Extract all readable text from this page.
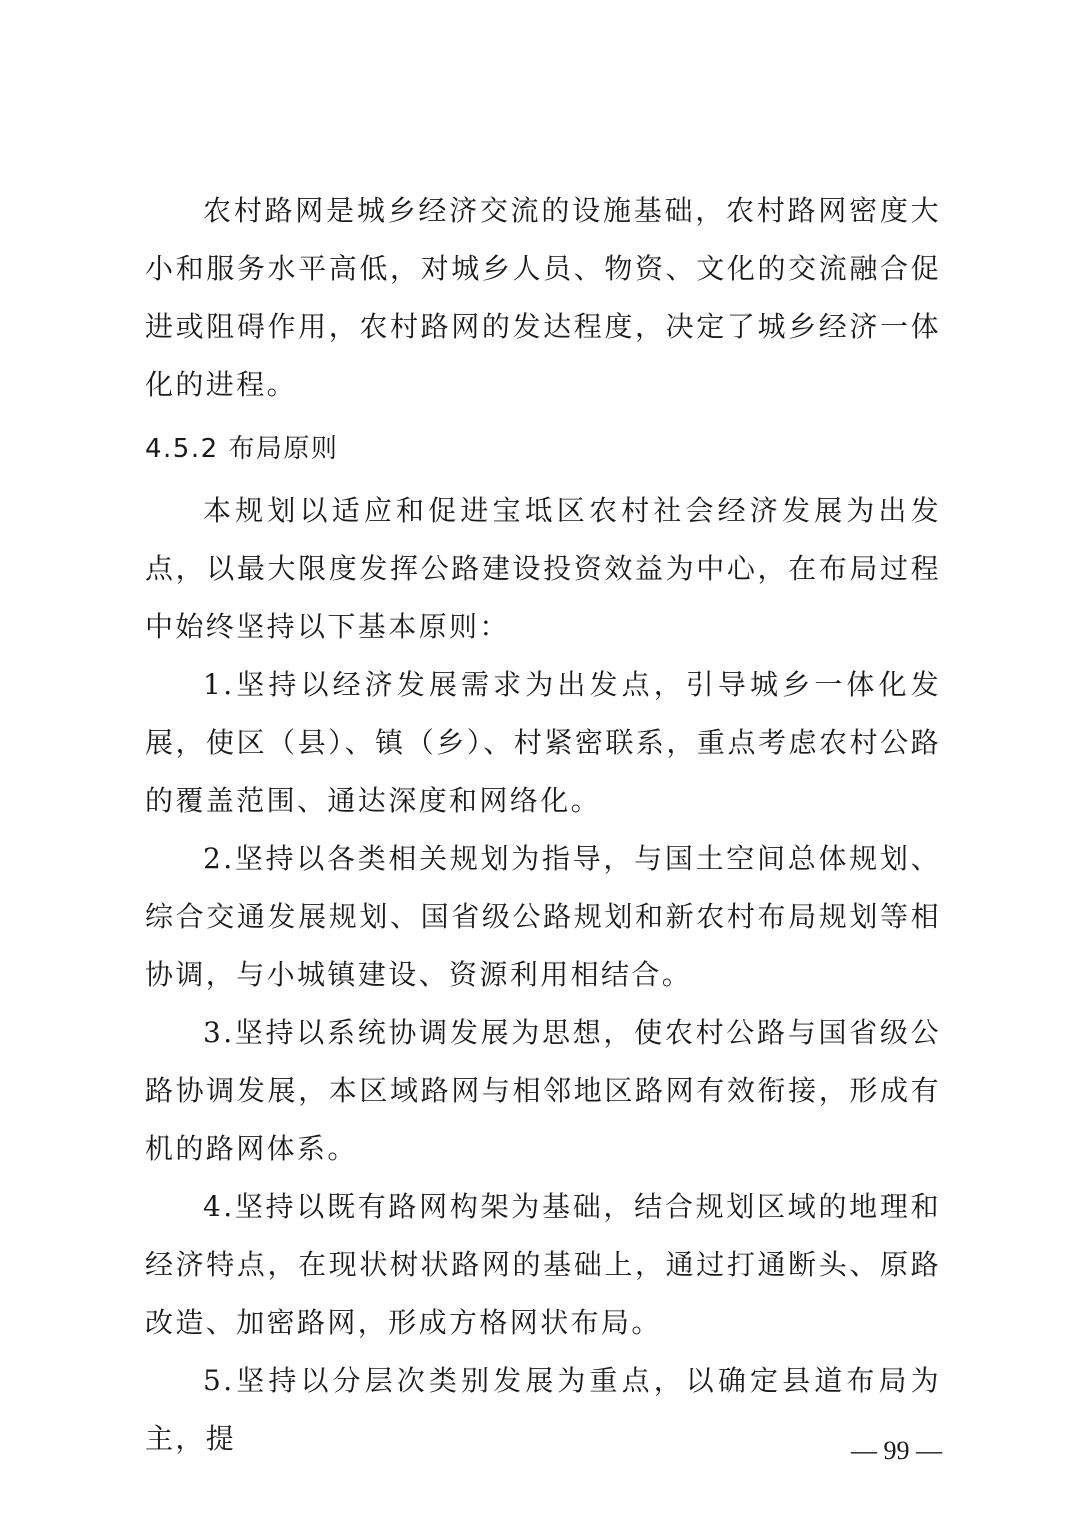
农村路网是城乡经济交流的设施基础，农村路网密度大小和服务水平高低，对城乡人员、物资、文化的交流融合促进或阻碍作用，农村路网的发达程度，决定了城乡经济一体化的进程。

4.5.2 布局原则

本规划以适应和促进宝坻区农村社会经济发展为出发点，以最大限度发挥公路建设投资效益为中心，在布局过程中始终坚持以下基本原则：

1.坚持以经济发展需求为出发点，引导城乡一体化发展，使区（县）、镇（乡）、村紧密联系，重点考虑农村公路的覆盖范围、通达深度和网络化。

2.坚持以各类相关规划为指导，与国土空间总体规划、综合交通发展规划、国省级公路规划和新农村布局规划等相协调，与小城镇建设、资源利用相结合。

3.坚持以系统协调发展为思想，使农村公路与国省级公路协调发展，本区域路网与相邻地区路网有效衔接，形成有机的路网体系。

4.坚持以既有路网构架为基础，结合规划区域的地理和经济特点，在现状树状路网的基础上，通过打通断头、原路改造、加密路网，形成方格网状布局。

5.坚持以分层次类别发展为重点，以确定县道布局为主，提	— 99 —
